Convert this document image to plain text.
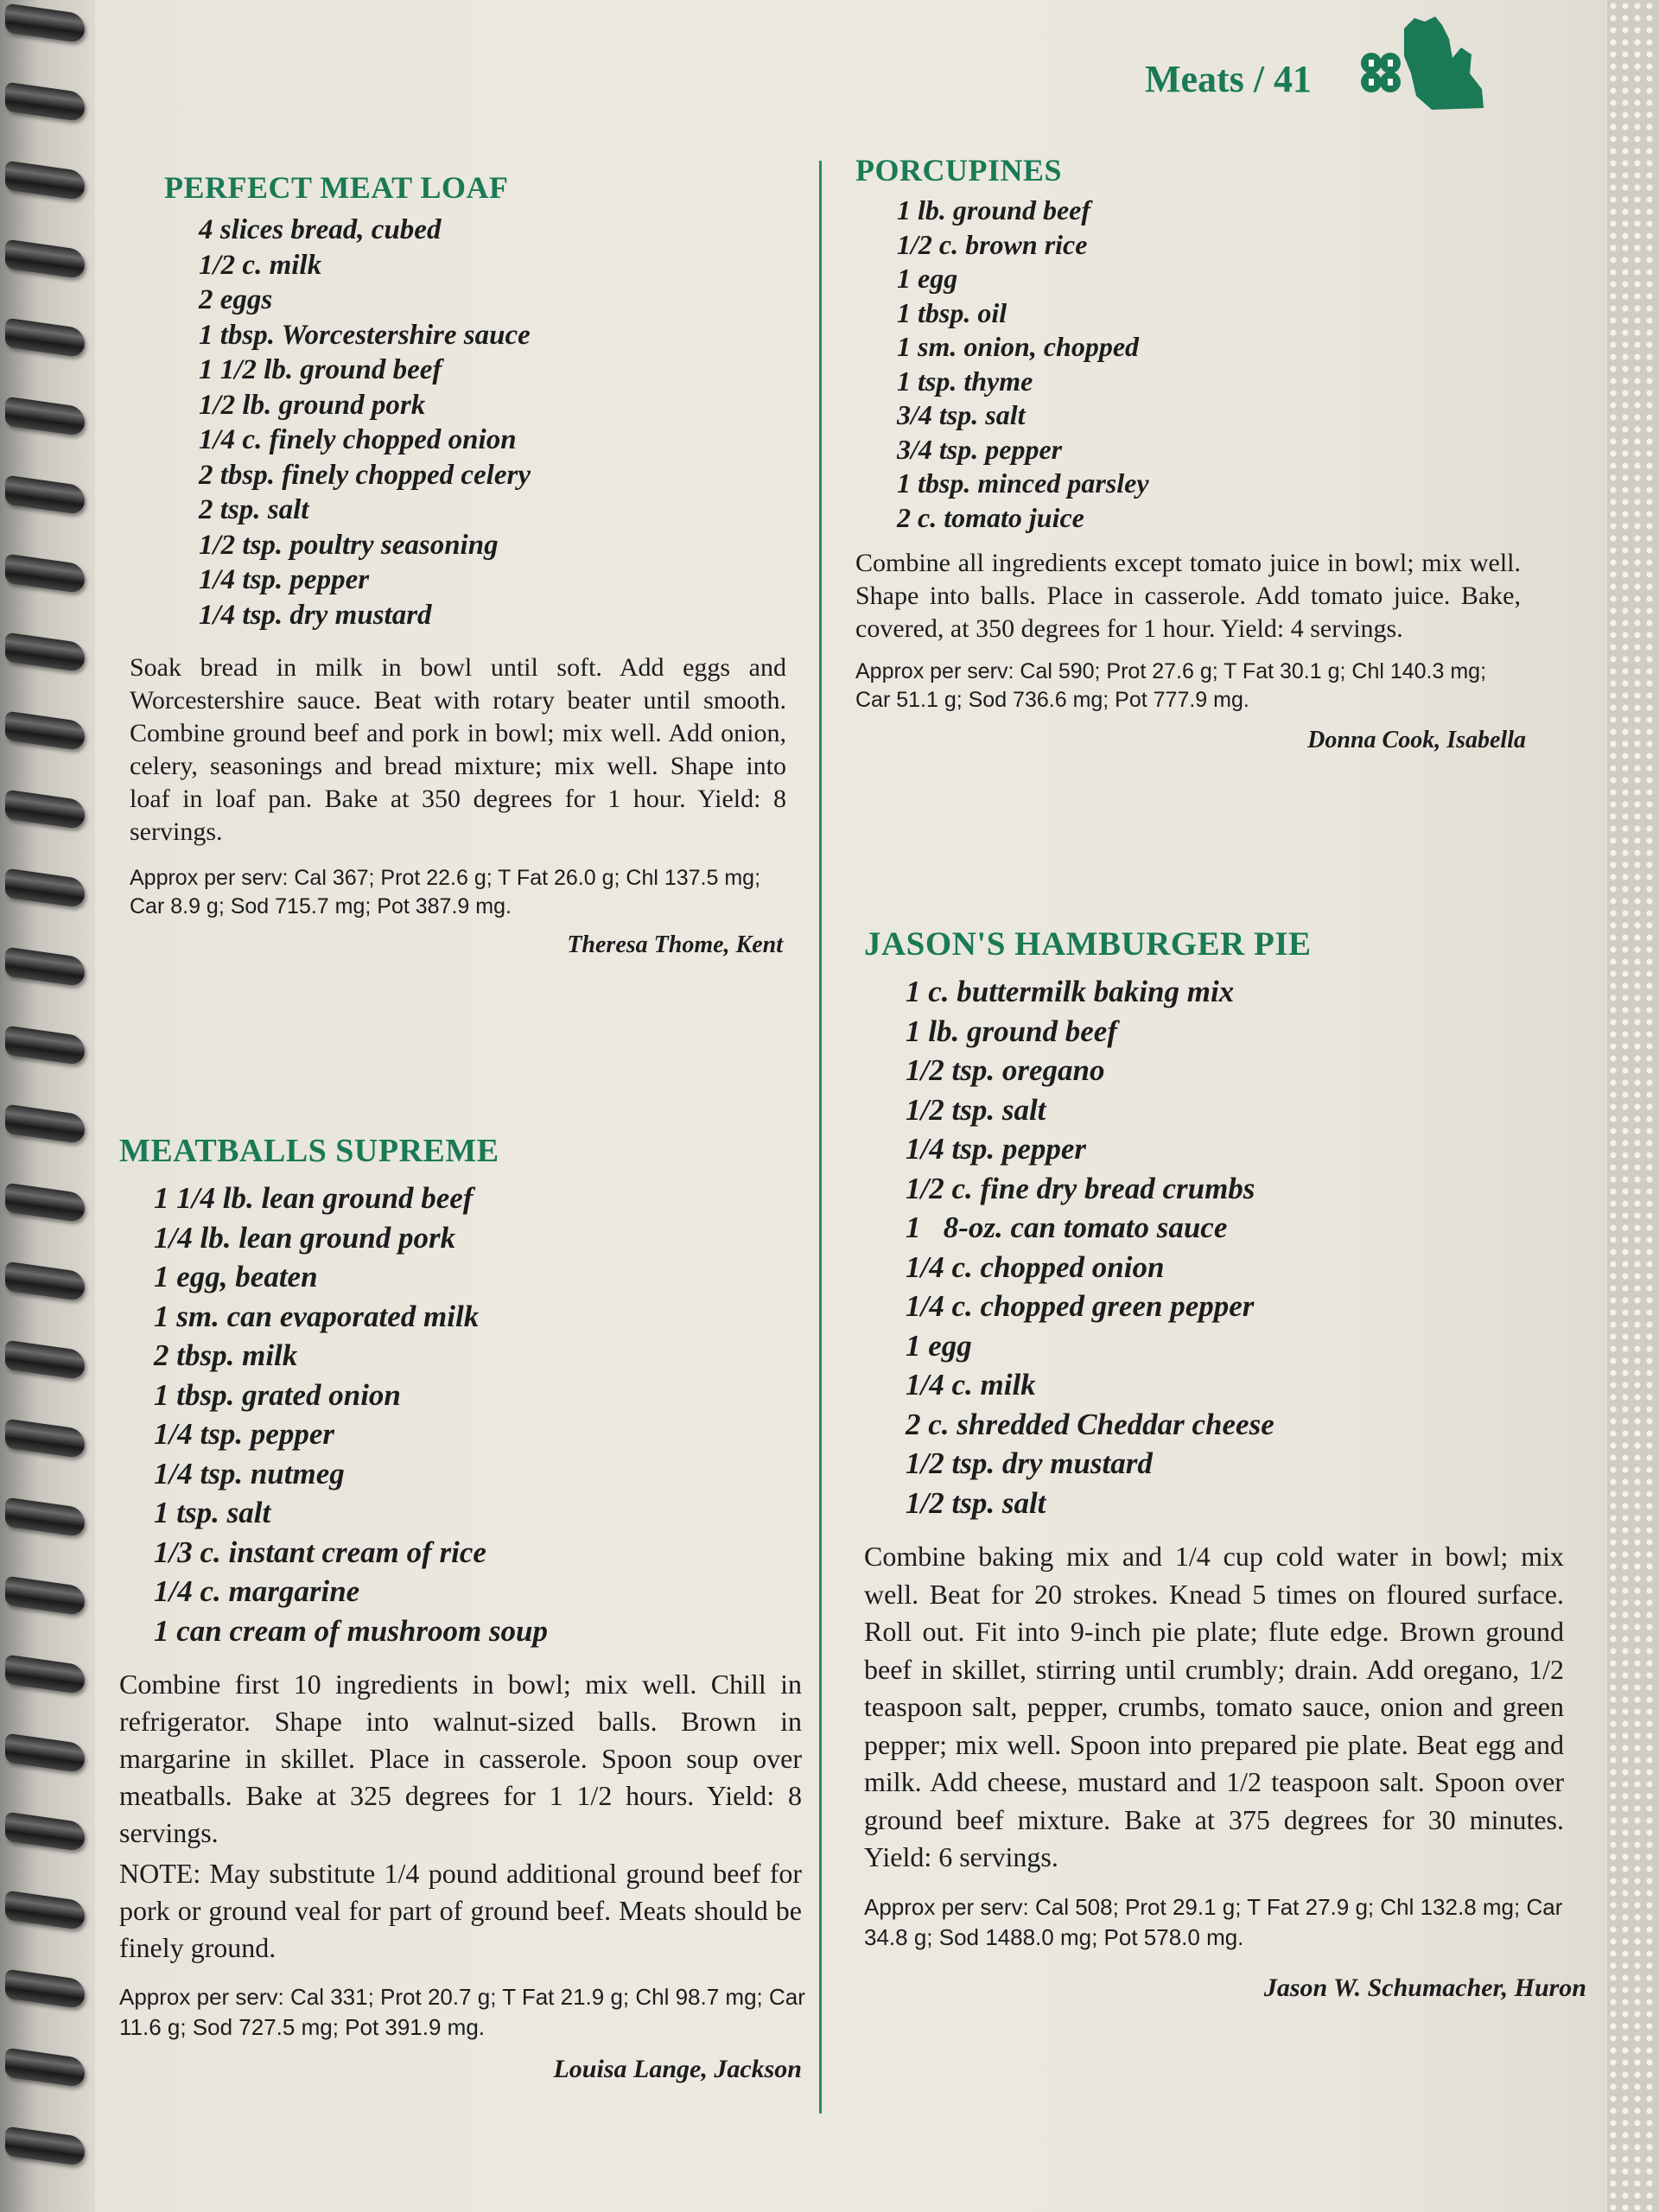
Meats / 41
PERFECT MEAT LOAF
4 slices bread, cubed
1/2 c. milk
2 eggs
1 tbsp. Worcestershire sauce
1 1/2 lb. ground beef
1/2 lb. ground pork
1/4 c. finely chopped onion
2 tbsp. finely chopped celery
2 tsp. salt
1/2 tsp. poultry seasoning
1/4 tsp. pepper
1/4 tsp. dry mustard

Soak bread in milk in bowl until soft. Add eggs and Worcestershire sauce. Beat with rotary beater until smooth. Combine ground beef and pork in bowl; mix well. Add onion, celery, seasonings and bread mixture; mix well. Shape into loaf in loaf pan. Bake at 350 degrees for 1 hour. Yield: 8 servings.

Approx per serv: Cal 367; Prot 22.6 g; T Fat 26.0 g; Chl 137.5 mg; Car 8.9 g; Sod 715.7 mg; Pot 387.9 mg.

Theresa Thome, Kent

MEATBALLS SUPREME
1 1/4 lb. lean ground beef
1/4 lb. lean ground pork
1 egg, beaten
1 sm. can evaporated milk
2 tbsp. milk
1 tbsp. grated onion
1/4 tsp. pepper
1/4 tsp. nutmeg
1 tsp. salt
1/3 c. instant cream of rice
1/4 c. margarine
1 can cream of mushroom soup

Combine first 10 ingredients in bowl; mix well. Chill in refrigerator. Shape into walnut-sized balls. Brown in margarine in skillet. Place in casserole. Spoon soup over meatballs. Bake at 325 degrees for 1 1/2 hours. Yield: 8 servings.

NOTE: May substitute 1/4 pound additional ground beef for pork or ground veal for part of ground beef. Meats should be finely ground.

Approx per serv: Cal 331; Prot 20.7 g; T Fat 21.9 g; Chl 98.7 mg; Car 11.6 g; Sod 727.5 mg; Pot 391.9 mg.

Louisa Lange, Jackson

PORCUPINES
1 lb. ground beef
1/2 c. brown rice
1 egg
1 tbsp. oil
1 sm. onion, chopped
1 tsp. thyme
3/4 tsp. salt
3/4 tsp. pepper
1 tbsp. minced parsley
2 c. tomato juice

Combine all ingredients except tomato juice in bowl; mix well. Shape into balls. Place in casserole. Add tomato juice. Bake, covered, at 350 degrees for 1 hour. Yield: 4 servings.

Approx per serv: Cal 590; Prot 27.6 g; T Fat 30.1 g; Chl 140.3 mg; Car 51.1 g; Sod 736.6 mg; Pot 777.9 mg.

Donna Cook, Isabella

JASON'S HAMBURGER PIE
1 c. buttermilk baking mix
1 lb. ground beef
1/2 tsp. oregano
1/2 tsp. salt
1/4 tsp. pepper
1/2 c. fine dry bread crumbs
1   8-oz. can tomato sauce
1/4 c. chopped onion
1/4 c. chopped green pepper
1 egg
1/4 c. milk
2 c. shredded Cheddar cheese
1/2 tsp. dry mustard
1/2 tsp. salt

Combine baking mix and 1/4 cup cold water in bowl; mix well. Beat for 20 strokes. Knead 5 times on floured surface. Roll out. Fit into 9-inch pie plate; flute edge. Brown ground beef in skillet, stirring until crumbly; drain. Add oregano, 1/2 teaspoon salt, pepper, crumbs, tomato sauce, onion and green pepper; mix well. Spoon into prepared pie plate. Beat egg and milk. Add cheese, mustard and 1/2 teaspoon salt. Spoon over ground beef mixture. Bake at 375 degrees for 30 minutes. Yield: 6 servings.

Approx per serv: Cal 508; Prot 29.1 g; T Fat 27.9 g; Chl 132.8 mg; Car 34.8 g; Sod 1488.0 mg; Pot 578.0 mg.

Jason W. Schumacher, Huron
